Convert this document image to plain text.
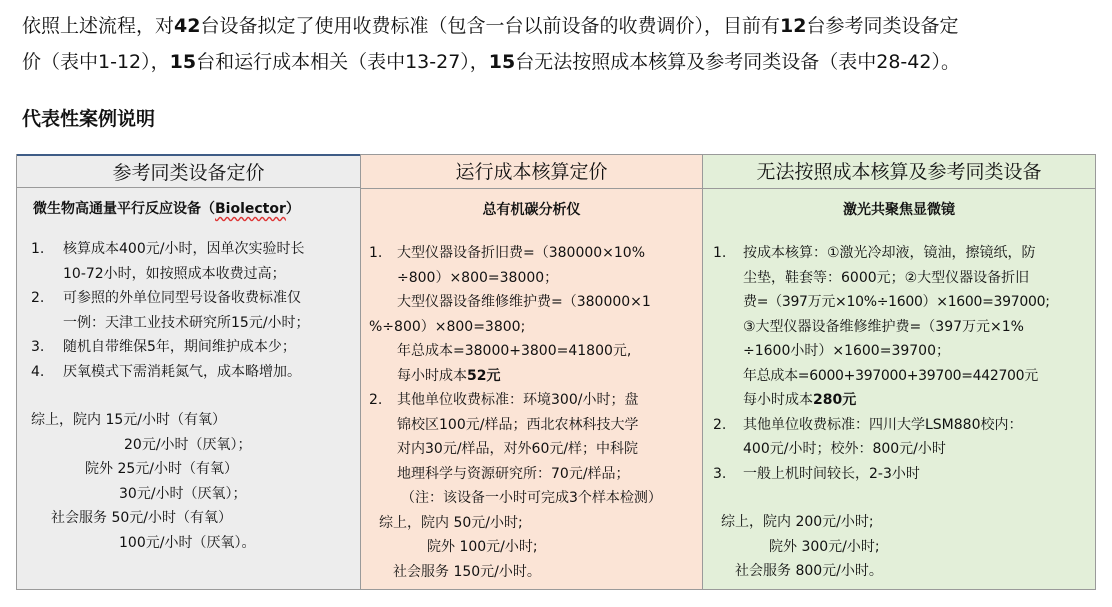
依照上述流程，对42台设备拟定了使用收费标准（包含一台以前设备的收费调价），目前有12台参考同类设备定
价（表中1-12），15台和运行成本相关（表中13-27），15台无法按照成本核算及参考同类设备（表中28-42）。
代表性案例说明
参考同类设备定价
微生物高通量平行反应设备（Biolector）
1. 核算成本400元/小时，因单次实验时长
10-72小时，如按照成本收费过高；
2. 可参照的外单位同型号设备收费标准仅
一例：天津工业技术研究所15元/小时；
3. 随机自带维保5年，期间维护成本少；
4. 厌氧模式下需消耗氮气，成本略增加。
综上，院内 15元/小时（有氧）
20元/小时（厌氧）；
院外 25元/小时（有氧）
30元/小时（厌氧）；
社会服务 50元/小时（有氧）
100元/小时（厌氧）。
运行成本核算定价
总有机碳分析仪
1. 大型仪器设备折旧费=（380000×10%
÷800）×800=38000；
大型仪器设备维修维护费=（380000×1
%÷800）×800=3800;
年总成本=38000+3800=41800元,
每小时成本52元
2. 其他单位收费标准：环境300/小时；盘
锦校区100元/样品；西北农林科技大学
对内30元/样品，对外60元/样；中科院
地理科学与资源研究所：70元/样品；
（注：该设备一小时可完成3个样本检测）
综上，院内 50元/小时;
院外 100元/小时;
社会服务 150元/小时。
无法按照成本核算及参考同类设备
激光共聚焦显微镜
1. 按成本核算：①激光冷却液，镜油，擦镜纸，防
尘垫，鞋套等：6000元；②大型仪器设备折旧
费=（397万元×10%÷1600）×1600=397000;
③大型仪器设备维修维护费=（397万元×1%
÷1600小时）×1600=39700；
年总成本=6000+397000+39700=442700元
每小时成本280元
2. 其他单位收费标准：四川大学LSM880校内：
400元/小时；校外：800元/小时
3. 一般上机时间较长，2-3小时
综上，院内 200元/小时;
院外 300元/小时;
社会服务 800元/小时。
